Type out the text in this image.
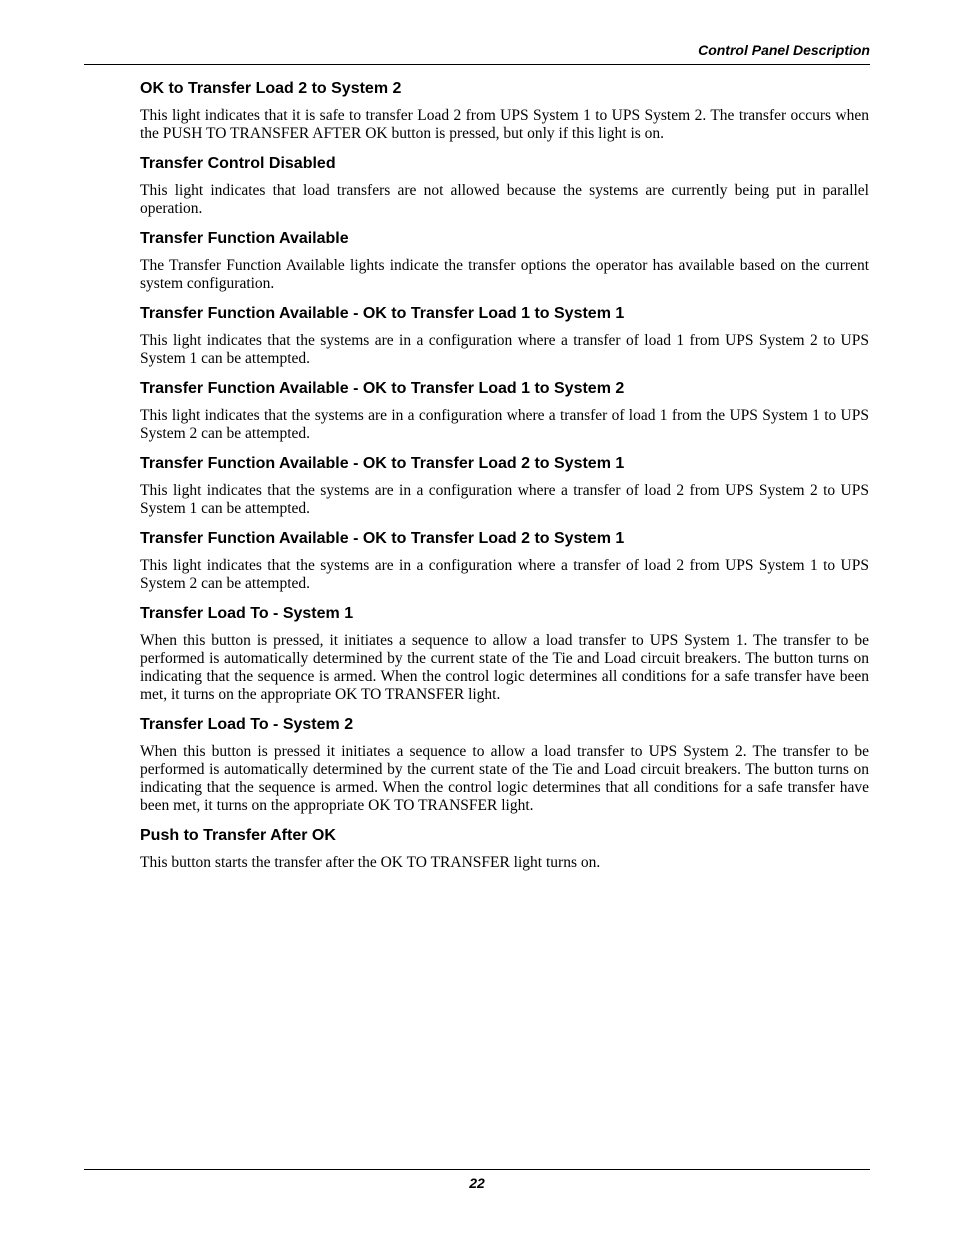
Control Panel Description
OK to Transfer Load 2 to System 2

This light indicates that it is safe to transfer Load 2 from UPS System 1 to UPS System 2. The transfer occurs when the PUSH TO TRANSFER AFTER OK button is pressed, but only if this light is on.

Transfer Control Disabled

This light indicates that load transfers are not allowed because the systems are currently being put in parallel operation.

Transfer Function Available

The Transfer Function Available lights indicate the transfer options the operator has available based on the current system configuration.

Transfer Function Available - OK to Transfer Load 1 to System 1

This light indicates that the systems are in a configuration where a transfer of load 1 from UPS System 2 to UPS System 1 can be attempted.

Transfer Function Available - OK to Transfer Load 1 to System 2

This light indicates that the systems are in a configuration where a transfer of load 1 from the UPS System 1 to UPS System 2 can be attempted.

Transfer Function Available - OK to Transfer Load 2 to System 1

This light indicates that the systems are in a configuration where a transfer of load 2 from UPS System 2 to UPS System 1 can be attempted.

Transfer Function Available - OK to Transfer Load 2 to System 1

This light indicates that the systems are in a configuration where a transfer of load 2 from UPS System 1 to UPS System 2 can be attempted.

Transfer Load To - System 1

When this button is pressed, it initiates a sequence to allow a load transfer to UPS System 1. The transfer to be performed is automatically determined by the current state of the Tie and Load circuit breakers. The button turns on indicating that the sequence is armed. When the control logic determines all conditions for a safe transfer have been met, it turns on the appropriate OK TO TRANSFER light.

Transfer Load To - System 2

When this button is pressed it initiates a sequence to allow a load transfer to UPS System 2. The transfer to be performed is automatically determined by the current state of the Tie and Load circuit breakers. The button turns on indicating that the sequence is armed. When the control logic determines that all conditions for a safe transfer have been met, it turns on the appropriate OK TO TRANSFER light.

Push to Transfer After OK

This button starts the transfer after the OK TO TRANSFER light turns on.

22
